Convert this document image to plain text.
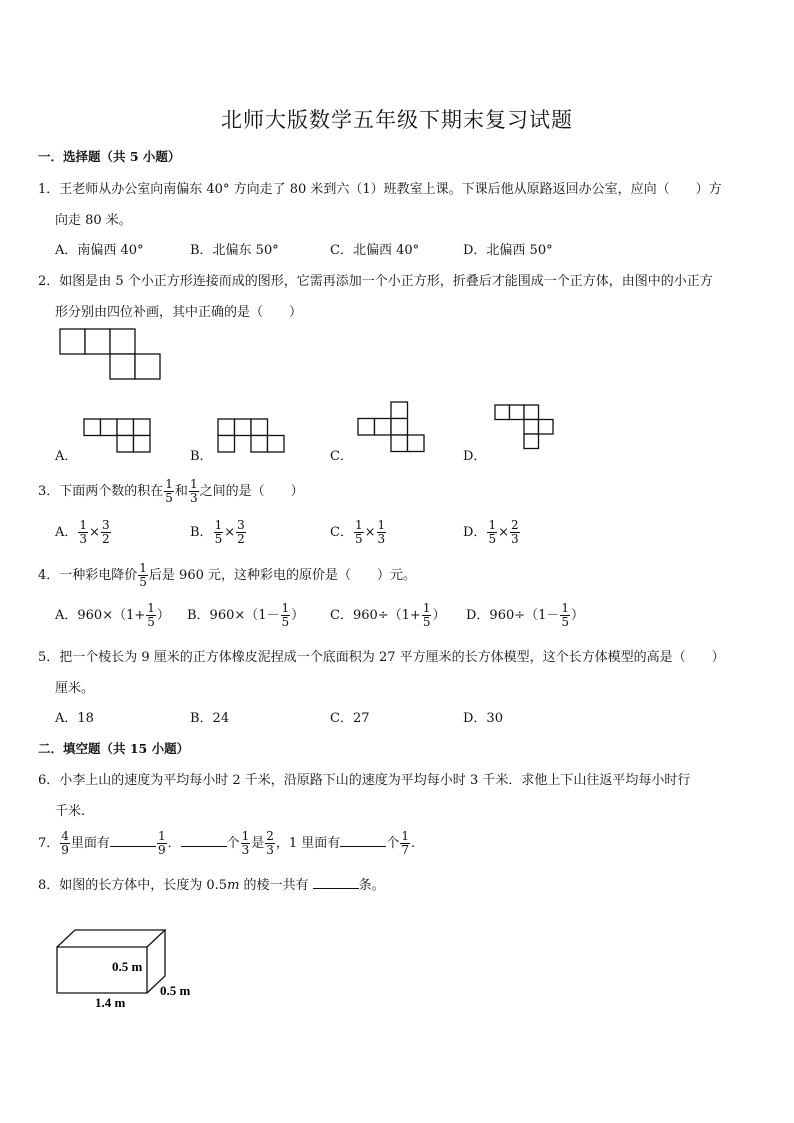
北师大版数学五年级下期末复习试题
一．选择题（共 5 小题）
1．王老师从办公室向南偏东 40° 方向走了 80 米到六（1）班教室上课。下课后他从原路返回办公室，应向（　　）方
向走 80 米。
A．南偏西 40°	B．北偏东 50°	C．北偏西 40°	D．北偏西 50°
2．如图是由 5 个小正方形连接而成的图形，它需再添加一个小正方形，折叠后才能围成一个正方体，由图中的小正方
形分别由四位补画，其中正确的是（　　）
A．	B．	C．	D．
3．下面两个数的积在 $\frac{1}{5}$ 和 $\frac{1}{3}$ 之间的是（　　）
A． $\frac{1}{3} \times \frac{3}{2}$	B． $\frac{1}{5} \times \frac{3}{2}$	C． $\frac{1}{5} \times \frac{1}{3}$	D． $\frac{1}{5} \times \frac{2}{3}$
4．一种彩电降价 $\frac{1}{5}$ 后是 960 元，这种彩电的原价是（　　）元。
A．$960\times(1+ \frac{1}{5}$ ） B．$960\times(1- \frac{1}{5}$ ） C．$960\div(1+ \frac{1}{5}$ ） D．$960\div(1- \frac{1}{5}$ ）
5．把一个棱长为 9 厘米的正方体橡皮泥捏成一个底面积为 27 平方厘米的长方体模型，这个长方体模型的高是（　　）
厘米。
A．18	B．24	C．27	D．30
二．填空题（共 15 小题）
6．小李上山的速度为平均每小时 2 千米，沿原路下山的速度为平均每小时 3 千米．求他上下山往返平均每小时行
千米.
7． $\frac{4}{9}$ 里面有	$\frac{1}{9}$ ．	个 $\frac{1}{3}$ 是 $\frac{2}{3}$ ，1 里面有	个 $\frac{1}{7}$ .
8．如图的长方体中，长度为 0.5m 的棱一共有	条。
0.5 m
0.5 m
1.4 m
